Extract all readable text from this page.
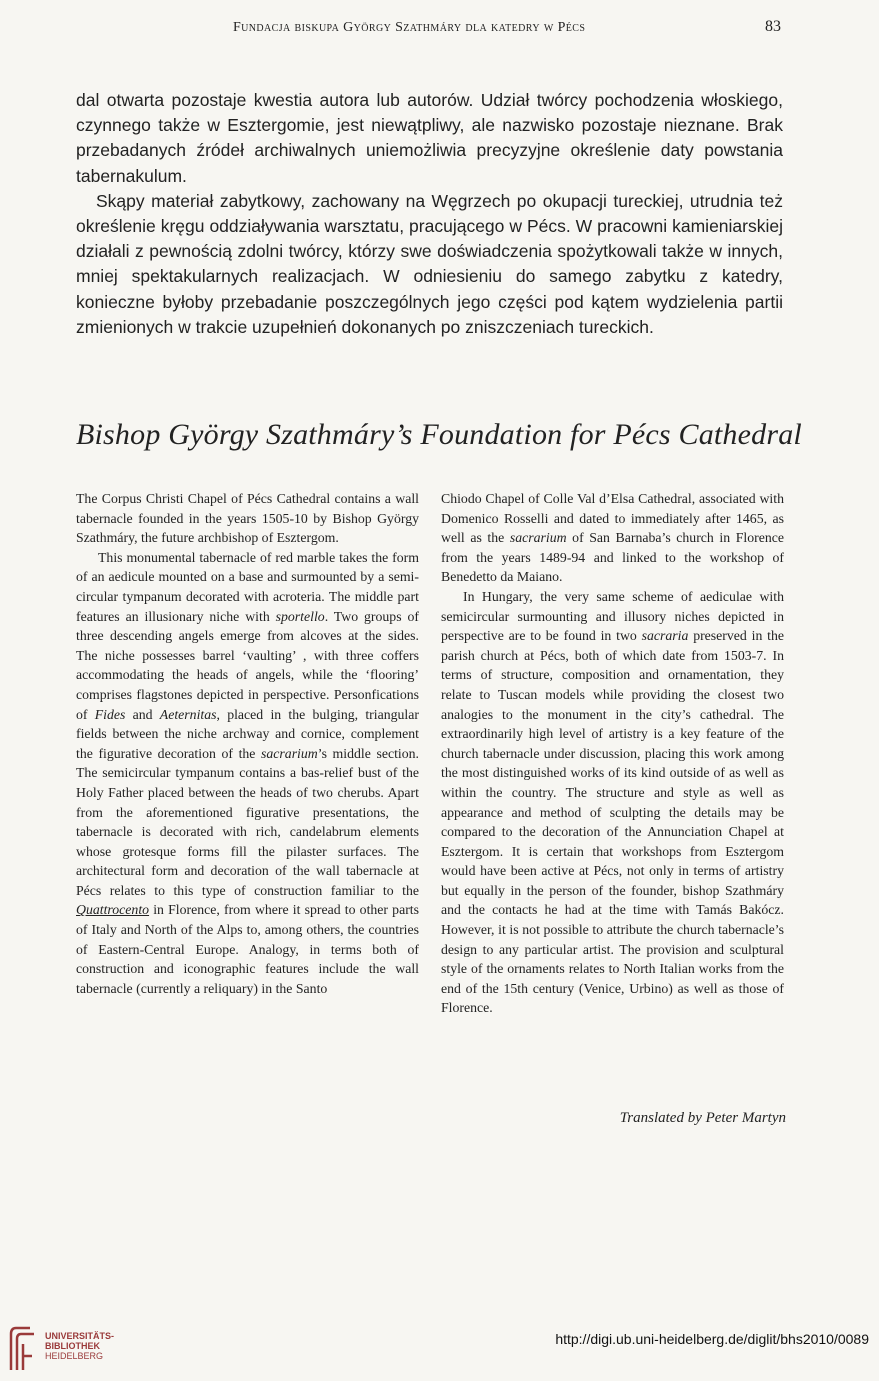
Fundacja biskupa György Szathmáry dla katedry w Pécs	83

dal otwarta pozostaje kwestia autora lub autorów. Udział twórcy pochodzenia włoskiego, czynnego także w Esztergomie, jest niewątpliwy, ale nazwisko pozostaje nieznane. Brak przebadanych źródeł archiwalnych uniemożliwia precyzyjne określenie daty powstania tabernakulum.

Skąpy materiał zabytkowy, zachowany na Węgrzech po okupacji tureckiej, utrudnia też określenie kręgu oddziaływania warsztatu, pracującego w Pécs. W pracowni kamieniarskiej działali z pewnością zdolni twórcy, którzy swe doświadczenia spożytkowali także w innych, mniej spektakularnych realizacjach. W odniesieniu do samego zabytku z katedry, konieczne byłoby przebadanie poszczególnych jego części pod kątem wydzielenia partii zmienionych w trakcie uzupełnień dokonanych po zniszczeniach tureckich.

Bishop György Szathmáry’s Foundation for Pécs Cathedral

The Corpus Christi Chapel of Pécs Cathedral contains a wall tabernacle founded in the years 1505-10 by Bishop György Szathmáry, the future archbishop of Esztergom.

This monumental tabernacle of red marble takes the form of an aedicule mounted on a base and surmounted by a semi-circular tympanum decorated with acroteria. The middle part features an illusionary niche with sportello. Two groups of three descending angels emerge from alcoves at the sides. The niche possesses barrel ‘vaulting’ , with three coffers accommodating the heads of angels, while the ‘flooring’ comprises flagstones depicted in perspective. Personfications of Fides and Aeternitas, placed in the bulging, triangular fields between the niche archway and cornice, complement the figurative decoration of the sacrarium’s middle section. The semicircular tympanum contains a bas-relief bust of the Holy Father placed between the heads of two cherubs. Apart from the aforementioned figurative presentations, the tabernacle is decorated with rich, candelabrum elements whose grotesque forms fill the pilaster surfaces. The architectural form and decoration of the wall tabernacle at Pécs relates to this type of construction familiar to the Quattrocento in Florence, from where it spread to other parts of Italy and North of the Alps to, among others, the countries of Eastern-Central Europe. Analogy, in terms both of construction and iconographic features include the wall tabernacle (currently a reliquary) in the Santo

Chiodo Chapel of Colle Val d’Elsa Cathedral, associated with Domenico Rosselli and dated to immediately after 1465, as well as the sacrarium of San Barnaba’s church in Florence from the years 1489-94 and linked to the workshop of Benedetto da Maiano.

In Hungary, the very same scheme of aediculae with semicircular surmounting and illusory niches depicted in perspective are to be found in two sacraria preserved in the parish church at Pécs, both of which date from 1503-7. In terms of structure, composition and ornamentation, they relate to Tuscan models while providing the closest two analogies to the monument in the city’s cathedral. The extraordinarily high level of artistry is a key feature of the church tabernacle under discussion, placing this work among the most distinguished works of its kind outside of as well as within the country. The structure and style as well as appearance and method of sculpting the details may be compared to the decoration of the Annunciation Chapel at Esztergom. It is certain that workshops from Esztergom would have been active at Pécs, not only in terms of artistry but equally in the person of the founder, bishop Szathmáry and the contacts he had at the time with Tamás Bakócz. However, it is not possible to attribute the church tabernacle’s design to any particular artist. The provision and sculptural style of the ornaments relates to North Italian works from the end of the 15th century (Venice, Urbino) as well as those of Florence.

Translated by Peter Martyn
UNIVERSITÄTS-
BIBLIOTHEK
HEIDELBERG
http://digi.ub.uni-heidelberg.de/diglit/bhs2010/0089
